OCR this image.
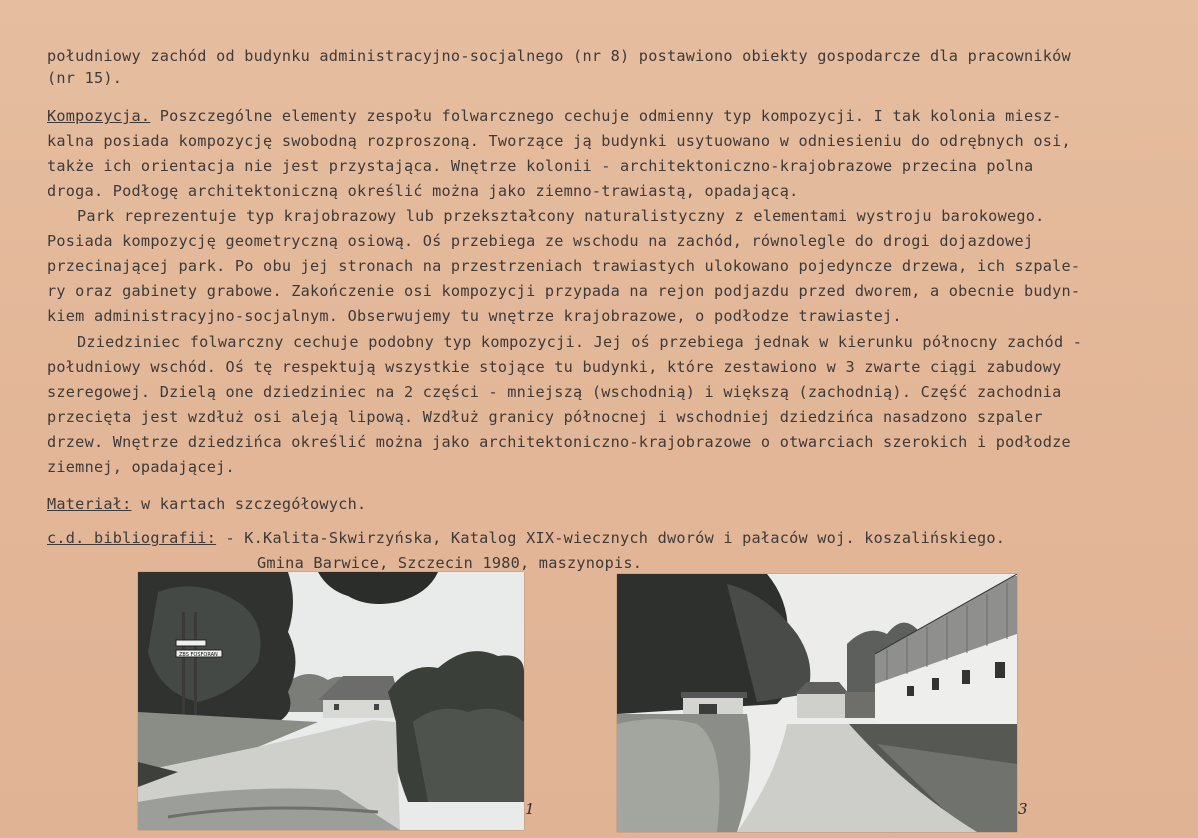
południowy zachód od budynku administracyjno-socjalnego (nr 8) postawiono obiekty gospodarcze dla pracowników
(nr 15).
Kompozycja. Poszczególne elementy zespołu folwarcznego cechuje odmienny typ kompozycji. I tak kolonia miesz-
kalna posiada kompozycję swobodną rozproszoną. Tworzące ją budynki usytuowano w odniesieniu do odrębnych osi,
także ich orientacja nie jest przystająca. Wnętrze kolonii - architektoniczno-krajobrazowe przecina polna
droga. Podłogę architektoniczną określić można jako ziemno-trawiastą, opadającą.
Park reprezentuje typ krajobrazowy lub przekształcony naturalistyczny z elementami wystroju barokowego.
Posiada kompozycję geometryczną osiową. Oś przebiega ze wschodu na zachód, równolegle do drogi dojazdowej
przecinającej park. Po obu jej stronach na przestrzeniach trawiastych ulokowano pojedyncze drzewa, ich szpale-
ry oraz gabinety grabowe. Zakończenie osi kompozycji przypada na rejon podjazdu przed dworem, a obecnie budyn-
kiem administracyjno-socjalnym. Obserwujemy tu wnętrze krajobrazowe, o podłodze trawiastej.
Dziedziniec folwarczny cechuje podobny typ kompozycji. Jej oś przebiega jednak w kierunku północny zachód -
południowy wschód. Oś tę respektują wszystkie stojące tu budynki, które zestawiono w 3 zwarte ciągi zabudowy
szeregowej. Dzielą one dziedziniec na 2 części - mniejszą (wschodnią) i większą (zachodnią). Część zachodnia
przecięta jest wzdłuż osi aleją lipową. Wzdłuż granicy północnej i wschodniej dziedzińca nasadzono szpaler
drzew. Wnętrze dziedzińca określić można jako architektoniczno-krajobrazowe o otwarciach szerokich i podłodze
ziemnej, opadającej.
Materiał: w kartach szczegółowych.
c.d. bibliografii: - K.Kalita-Skwirzyńska, Katalog XIX-wiecznych dworów i pałaców woj. koszalińskiego.
Gmina Barwice, Szczecin 1980, maszynopis.
ZBS FOSFORAN
1	3
